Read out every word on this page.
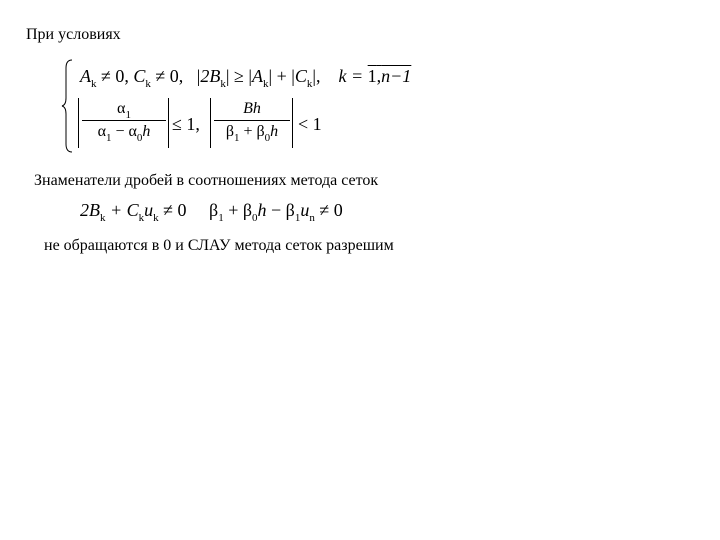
При условиях
$A_k \ne 0$, $C_k \ne 0$,   $|2B_k| \ge |A_k| + |C_k|$, k = 1,n−1
$\frac{\alpha_1}{\alpha_1 - \alpha_0h} \le 1$, $\frac{Bh}{\beta_1 + \beta_0h} < 1$
Знаменатели дробей в соотношениях метода сеток
$2B_k + C_ku_k \ne 0$ $\beta_1 + \beta_0h - \beta_1u_n \ne 0$
не обращаются в 0 и СЛАУ метода сеток разрешим
